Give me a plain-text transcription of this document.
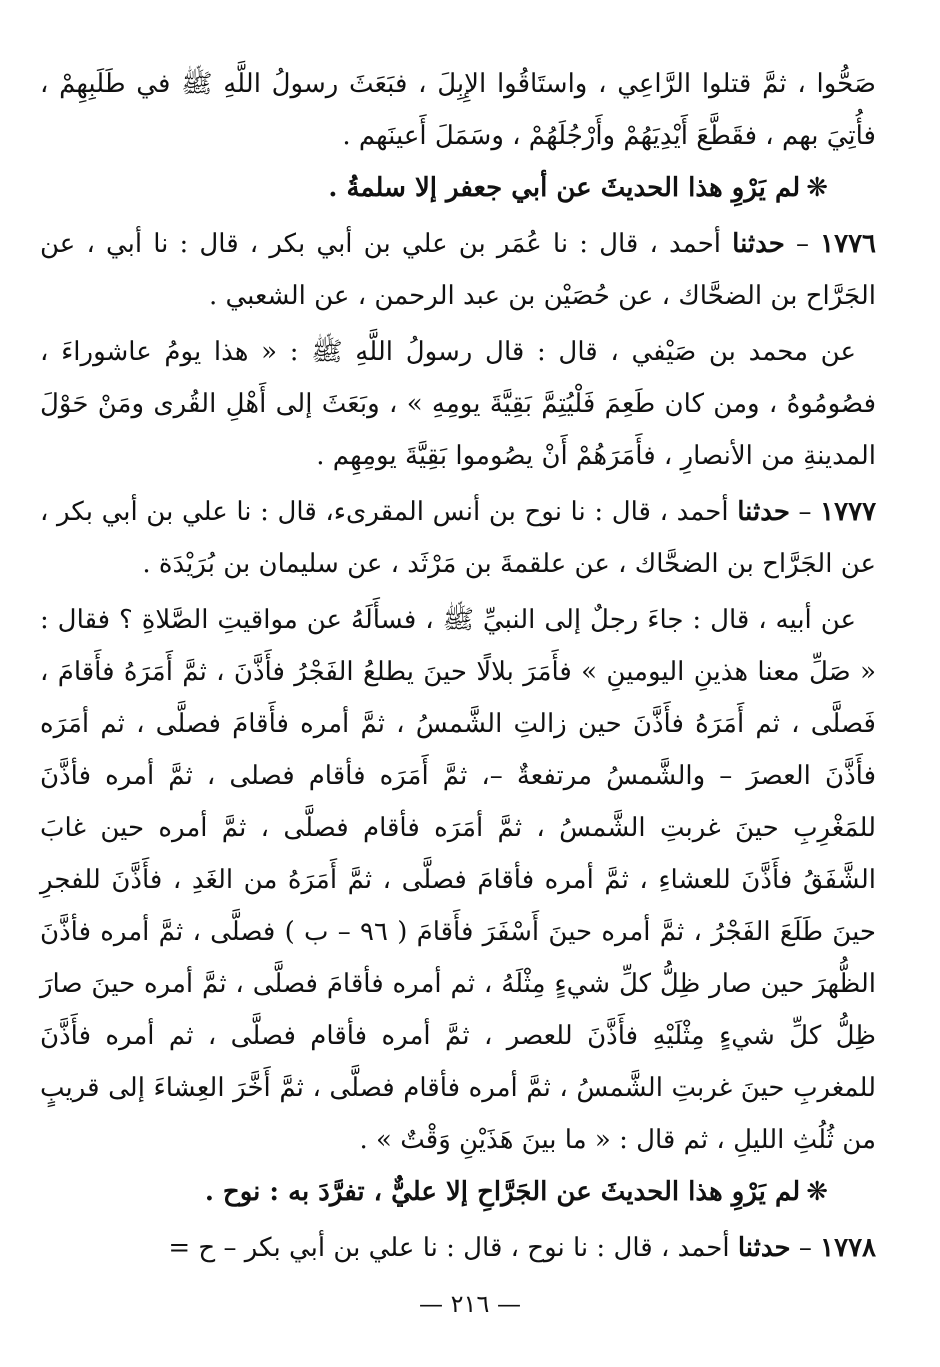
صَحُّوا ، ثمَّ قتلوا الرَّاعِي ، واستَاقُوا الإِبِلَ ، فبَعَثَ رسولُ اللَّهِ ﷺ في طَلَبِهِمْ ، فأُتِيَ بهم ، فقَطَّعَ أَيْدِيَهُمْ وأَرْجُلَهُمْ ، وسَمَلَ أَعينَهم .

❋لم يَرْوِ هذا الحديثَ عن أبي جعفر إلا سلمةُ .

١٧٧٦ – حدثنا أحمد ، قال : نا عُمَر بن علي بن أبي بكر ، قال : نا أبي ، عن الجَرَّاح بن الضحَّاك ، عن حُصَيْن بن عبد الرحمن ، عن الشعبي .

عن محمد بن صَيْفي ، قال : قال رسولُ اللَّهِ ﷺ : « هذا يومُ عاشوراءَ ، فصُومُوهُ ، ومن كان طَعِمَ فَلْيُتِمَّ بَقِيَّةَ يومِهِ » ، وبَعَثَ إلى أَهْلِ القُرى ومَنْ حَوْلَ المدينةِ من الأنصارِ ، فأَمَرَهُمْ أَنْ يصُوموا بَقِيَّةَ يومِهِم .

١٧٧٧ – حدثنا أحمد ، قال : نا نوح بن أنس المقرىء، قال : نا علي بن أبي بكر ، عن الجَرَّاح بن الضحَّاك ، عن علقمةَ بن مَرْثَد ، عن سليمان بن بُرَيْدَة .

عن أبيه ، قال : جاءَ رجلٌ إلى النبيِّ ﷺ ، فسأَلَهُ عن مواقيتِ الصَّلاةِ ؟ فقال : « صَلِّ معنا هذينِ اليومينِ » فأَمَرَ بلالًا حينَ يطلعُ الفَجْرُ فأَذَّنَ ، ثمَّ أَمَرَهُ فأَقامَ ، فَصلَّى ، ثم أَمَرَهُ فأَذَّنَ حين زالتِ الشَّمسُ ، ثمَّ أمره فأَقامَ فصلَّى ، ثم أمَرَه فأَذَّنَ العصرَ – والشَّمسُ مرتفعةٌ –، ثمَّ أَمَرَه فأقام فصلى ، ثمَّ أمره فأذَّنَ للمَغْرِبِ حينَ غربتِ الشَّمسُ ، ثمَّ أمَرَه فأقام فصلَّى ، ثمَّ أمره حين غابَ الشَّفَقُ فأَذَّنَ للعشاءِ ، ثمَّ أمره فأقامَ فصلَّى ، ثمَّ أَمَرَهُ من الغَدِ ، فأَذَّنَ للفجرِ حينَ طَلَعَ الفَجْرُ ، ثمَّ أمره حينَ أَسْفَرَ فأَقامَ ( ٩٦ – ب ) فصلَّى ، ثمَّ أمره فأذَّنَ الظُّهرَ حين صار ظِلُّ كلِّ شيءٍ مِثْلَهُ ، ثم أمره فأقامَ فصلَّى ، ثمَّ أمره حينَ صارَ ظِلُّ كلِّ شيءٍ مِثْلَيْهِ فأَذَّنَ للعصر ، ثمَّ أمره فأقام فصلَّى ، ثم أمره فأَذَّنَ للمغربِ حينَ غربتِ الشَّمسُ ، ثمَّ أمره فأقام فصلَّى ، ثمَّ أَخَّرَ العِشاءَ إلى قريبٍ من ثُلُثِ الليلِ ، ثم قال : « ما بينَ هَذَيْنِ وَقْتٌ » .

❋لم يَرْوِ هذا الحديثَ عن الجَرَّاحِ إلا عليٌّ ، تفرَّدَ به : نوح .

١٧٧٨ – حدثنا أحمد ، قال : نا نوح ، قال : نا علي بن أبي بكر – ح =

— ٢١٦ —
